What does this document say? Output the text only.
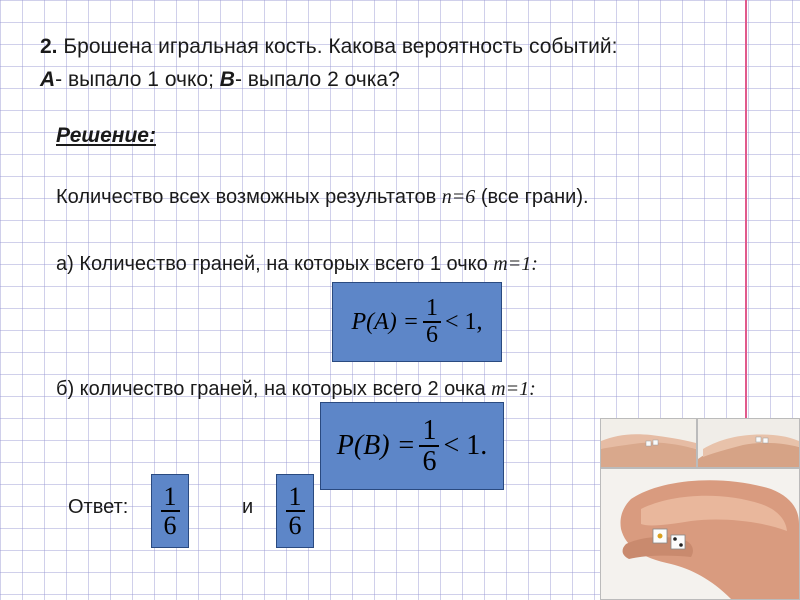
2. Брошена игральная кость. Какова вероятность событий:
А- выпало 1 очко; В- выпало 2 очка?
Решение:
Количество всех возможных результатов n=6 (все грани).
а) Количество граней, на которых всего 1 очко m=1:
$P(A) = \frac{1}{6} < 1$,
б) количество граней, на которых всего 2 очка m=1:
$P(B) = \frac{1}{6} < 1$.
Ответ: $\frac{1}{6}$	и $\frac{1}{6}$
